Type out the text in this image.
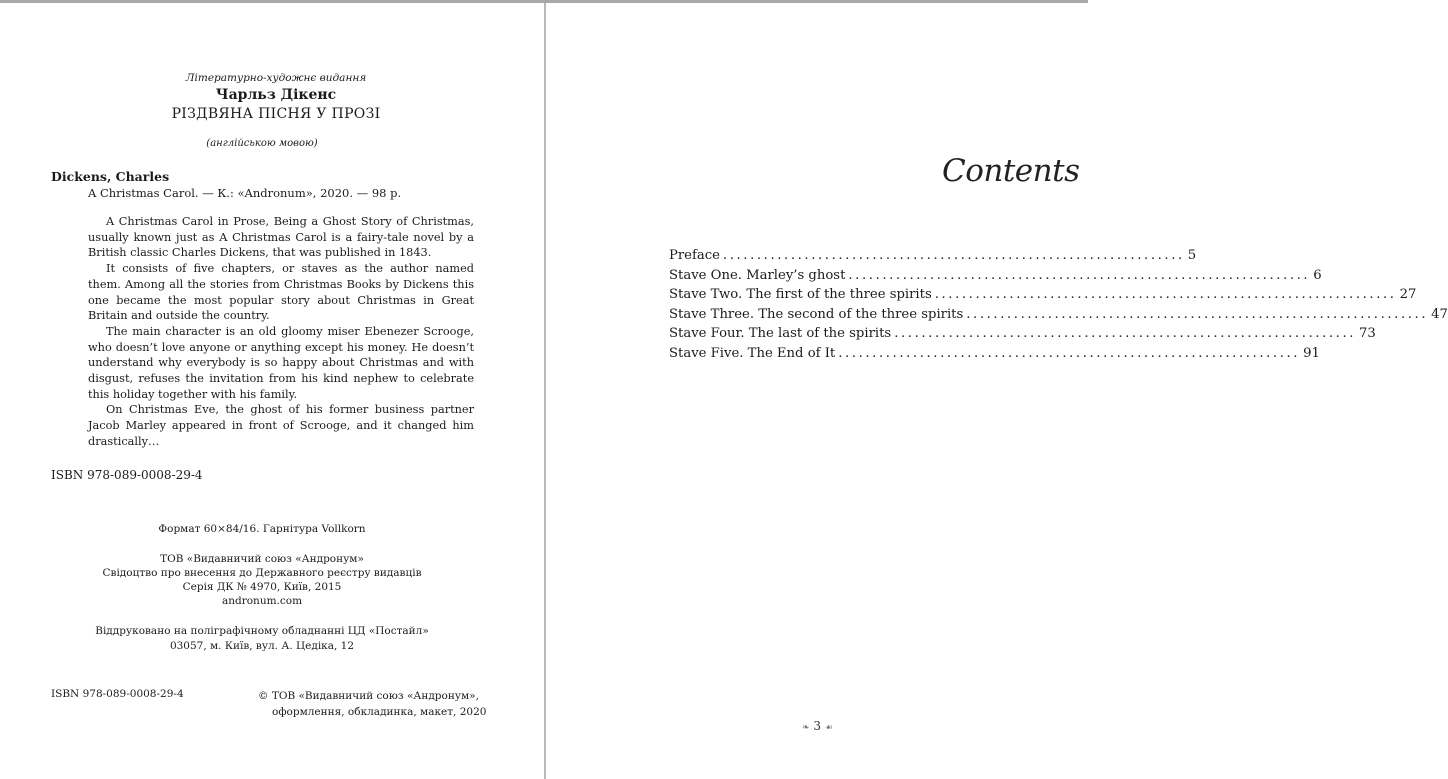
Літературно-художнє видання
Чарльз Дікенс
РІЗДВЯНА ПІСНЯ У ПРОЗІ
(англійською мовою)
Dickens, Charles
A Christmas Carol. — К.: «Andronum», 2020. — 98 p.

A Christmas Carol in Prose, Being a Ghost Story of Christmas, usually known just as A Christmas Carol is a fairy-tale novel by a British classic Charles Dickens, that was published in 1843.

It consists of five chapters, or staves as the author named them. Among all the stories from Christmas Books by Dickens this one became the most popular story about Christmas in Great Britain and outside the country.

The main character is an old gloomy miser Ebenezer Scrooge, who doesn’t love anyone or anything except his money. He doesn’t understand why everybody is so happy about Christmas and with disgust, refuses the invitation from his kind nephew to celebrate this holiday together with his family.

On Christmas Eve, the ghost of his former business partner Jacob Marley appeared in front of Scrooge, and it changed him drastically…

ISBN 978-089-0008-29-4
Формат 60×84/16. Гарнітура Vollkorn
ТОВ «Видавничий союз «Андронум»
Свідоцтво про внесення до Державного реєстру видавців
Серія ДК № 4970, Київ, 2015
andronum.com
Віддруковано на поліграфічному обладнанні ЦД «Постайл»
03057, м. Київ, вул. А. Цедіка, 12
ISBN 978-089-0008-29-4	© ТОВ «Видавничий союз «Андронум»,
оформлення, обкладинка, макет, 2020
Contents
Preface .................................................................... 5
Stave One. Marley’s ghost .................................................................... 6
Stave Two. The first of the three spirits .................................................................... 27
Stave Three. The second of the three spirits .................................................................... 47
Stave Four. The last of the spirits .................................................................... 73
Stave Five. The End of It .................................................................... 91
❧ 3 ☙
